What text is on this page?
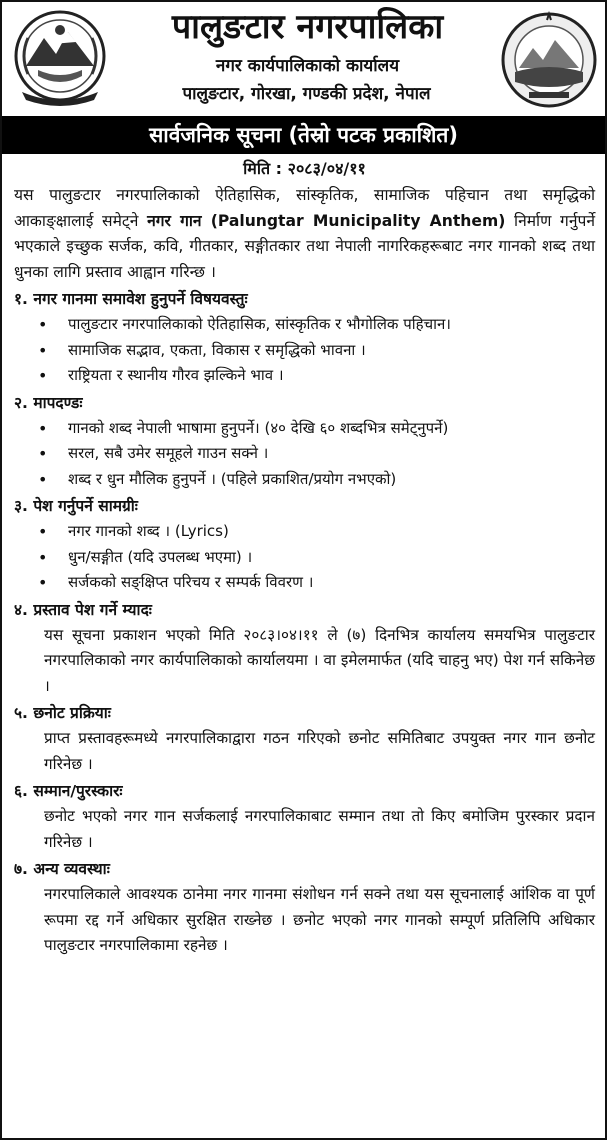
पालुङटार नगरपालिका
नगर कार्यपालिकाको कार्यालय
पालुङटार, गोरखा, गण्डकी प्रदेश, नेपाल
सार्वजनिक सूचना (तेस्रो पटक प्रकाशित)
मिति : २०८३/०४/११

यस पालुङटार नगरपालिकाको ऐतिहासिक, सांस्कृतिक, सामाजिक पहिचान तथा समृद्धिको आकाङ्क्षालाई समेट्ने नगर गान (Palungtar Municipality Anthem) निर्माण गर्नुपर्ने भएकाले इच्छुक सर्जक, कवि, गीतकार, सङ्गीतकार तथा नेपाली नागरिकहरूबाट नगर गानको शब्द तथा धुनका लागि प्रस्ताव आह्वान गरिन्छ ।

१. नगर गानमा समावेश हुनुपर्ने विषयवस्तुः
• पालुङटार नगरपालिकाको ऐतिहासिक, सांस्कृतिक र भौगोलिक पहिचान।
• सामाजिक सद्भाव, एकता, विकास र समृद्धिको भावना ।
• राष्ट्रियता र स्थानीय गौरव झल्किने भाव ।
२. मापदण्डः
• गानको शब्द नेपाली भाषामा हुनुपर्ने। (४० देखि ६० शब्दभित्र समेट्नुपर्ने)
• सरल, सबै उमेर समूहले गाउन सक्ने ।
• शब्द र धुन मौलिक हुनुपर्ने । (पहिले प्रकाशित/प्रयोग नभएको)
३. पेश गर्नुपर्ने सामग्रीः
• नगर गानको शब्द । (Lyrics)
• धुन/सङ्गीत (यदि उपलब्ध भएमा) ।
• सर्जकको सङ्क्षिप्त परिचय र सम्पर्क विवरण ।
४. प्रस्ताव पेश गर्ने म्यादः
यस सूचना प्रकाशन भएको मिति २०८३।०४।११ ले (७) दिनभित्र कार्यालय समयभित्र पालुङटार नगरपालिकाको नगर कार्यपालिकाको कार्यालयमा । वा इमेलमार्फत (यदि चाहनु भए) पेश गर्न सकिनेछ ।
५. छनोट प्रक्रियाः
प्राप्त प्रस्तावहरूमध्ये नगरपालिकाद्वारा गठन गरिएको छनोट समितिबाट उपयुक्त नगर गान छनोट गरिनेछ ।
६. सम्मान/पुरस्कारः
छनोट भएको नगर गान सर्जकलाई नगरपालिकाबाट सम्मान तथा तो किए बमोजिम पुरस्कार प्रदान गरिनेछ ।
७. अन्य व्यवस्थाः
नगरपालिकाले आवश्यक ठानेमा नगर गानमा संशोधन गर्न सक्ने तथा यस सूचनालाई आंशिक वा पूर्ण रूपमा रद्द गर्ने अधिकार सुरक्षित राख्नेछ । छनोट भएको नगर गानको सम्पूर्ण प्रतिलिपि अधिकार पालुङटार नगरपालिकामा रहनेछ ।
